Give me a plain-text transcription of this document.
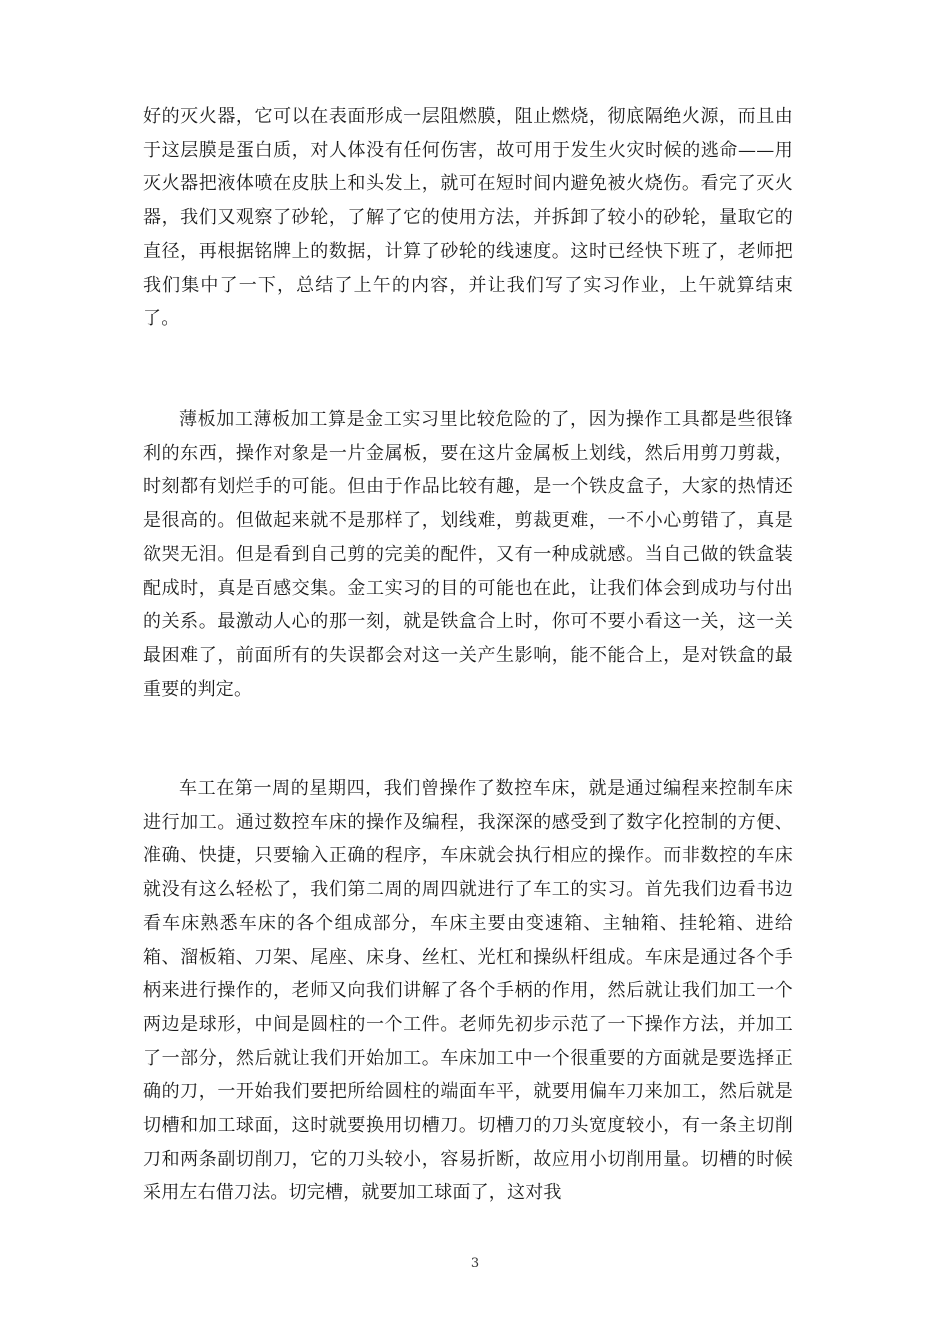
好的灭火器，它可以在表面形成一层阻燃膜，阻止燃烧，彻底隔绝火源，而且由于这层膜是蛋白质，对人体没有任何伤害，故可用于发生火灾时候的逃命——用灭火器把液体喷在皮肤上和头发上，就可在短时间内避免被火烧伤。看完了灭火器，我们又观察了砂轮，了解了它的使用方法，并拆卸了较小的砂轮，量取它的直径，再根据铭牌上的数据，计算了砂轮的线速度。这时已经快下班了，老师把我们集中了一下，总结了上午的内容，并让我们写了实习作业，上午就算结束了。

薄板加工薄板加工算是金工实习里比较危险的了，因为操作工具都是些很锋利的东西，操作对象是一片金属板，要在这片金属板上划线，然后用剪刀剪裁，时刻都有划烂手的可能。但由于作品比较有趣，是一个铁皮盒子，大家的热情还是很高的。但做起来就不是那样了，划线难，剪裁更难，一不小心剪错了，真是欲哭无泪。但是看到自己剪的完美的配件，又有一种成就感。当自己做的铁盒装配成时，真是百感交集。金工实习的目的可能也在此，让我们体会到成功与付出的关系。最激动人心的那一刻，就是铁盒合上时，你可不要小看这一关，这一关最困难了，前面所有的失误都会对这一关产生影响，能不能合上，是对铁盒的最重要的判定。

车工在第一周的星期四，我们曾操作了数控车床，就是通过编程来控制车床进行加工。通过数控车床的操作及编程，我深深的感受到了数字化控制的方便、准确、快捷，只要输入正确的程序，车床就会执行相应的操作。而非数控的车床就没有这么轻松了，我们第二周的周四就进行了车工的实习。首先我们边看书边看车床熟悉车床的各个组成部分，车床主要由变速箱、主轴箱、挂轮箱、进给箱、溜板箱、刀架、尾座、床身、丝杠、光杠和操纵杆组成。车床是通过各个手柄来进行操作的，老师又向我们讲解了各个手柄的作用，然后就让我们加工一个两边是球形，中间是圆柱的一个工件。老师先初步示范了一下操作方法，并加工了一部分，然后就让我们开始加工。车床加工中一个很重要的方面就是要选择正确的刀，一开始我们要把所给圆柱的端面车平，就要用偏车刀来加工，然后就是切槽和加工球面，这时就要换用切槽刀。切槽刀的刀头宽度较小，有一条主切削刀和两条副切削刀，它的刀头较小，容易折断，故应用小切削用量。切槽的时候采用左右借刀法。切完槽，就要加工球面了，这对我

3
